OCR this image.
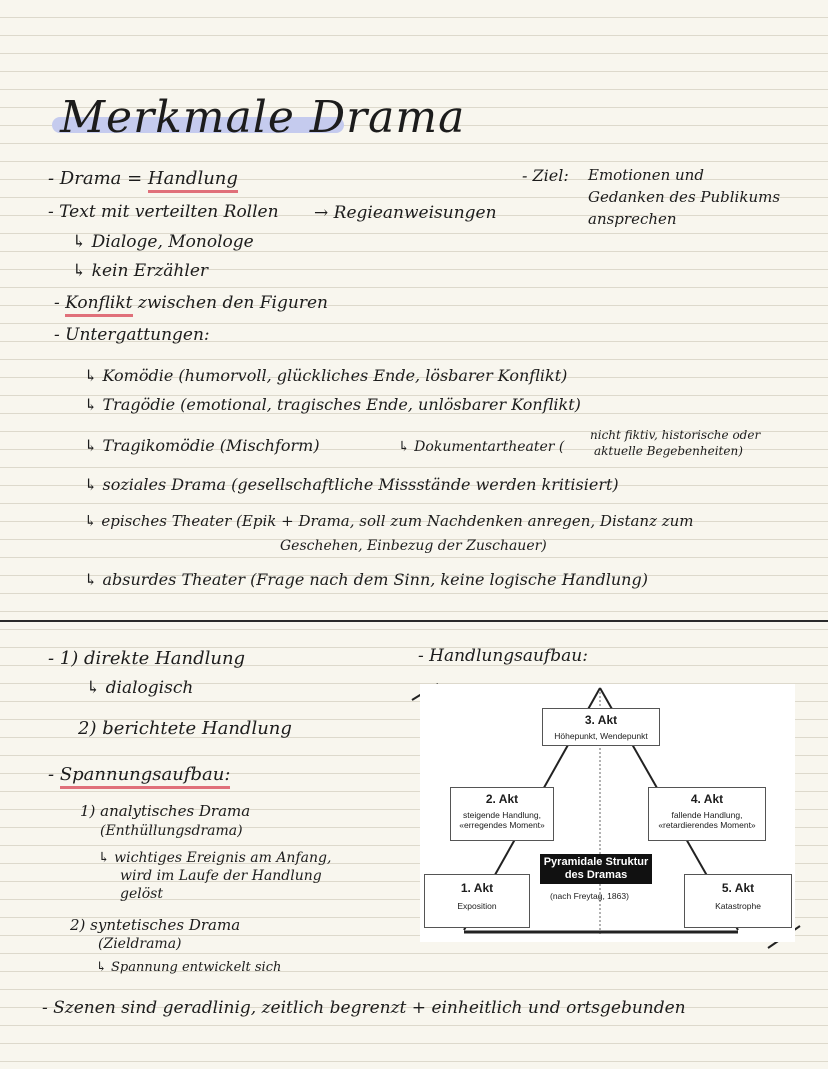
Merkmale Drama
- Drama = Handlung	- Ziel: Emotionen und
Gedanken des Publikums
ansprechen
- Text mit verteilten Rollen → Regieanweisungen
↳ Dialoge, Monologe
↳ kein Erzähler
- Konflikt zwischen den Figuren
- Untergattungen:
↳ Komödie (humorvoll, glückliches Ende, lösbarer Konflikt)
↳ Tragödie (emotional, tragisches Ende, unlösbarer Konflikt)
↳ Tragikomödie (Mischform)	↳ Dokumentartheater (
nicht fiktiv, historische oder
aktuelle Begebenheiten)
↳ soziales Drama (gesellschaftliche Missstände werden kritisiert)
↳ episches Theater (Epik + Drama, soll zum Nachdenken anregen, Distanz zum
Geschehen, Einbezug der Zuschauer)
↳ absurdes Theater (Frage nach dem Sinn, keine logische Handlung)
- 1) direkte Handlung
↳ dialogisch
2) berichtete Handlung
- Spannungsaufbau:
1) analytisches Drama
(Enthüllungsdrama)
↳ wichtiges Ereignis am Anfang,
wird im Laufe der Handlung
gelöst
2) syntetisches Drama
(Zieldrama)
↳ Spannung entwickelt sich
- Handlungsaufbau:
3. Akt
Höhepunkt, Wendepunkt
2. Akt
steigende Handlung,
«erregendes Moment»
4. Akt
fallende Handlung,
«retardierendes Moment»
Pyramidale Struktur
des Dramas
(nach Freytag, 1863)
1. Akt
Exposition
5. Akt
Katastrophe
- Szenen sind geradlinig, zeitlich begrenzt + einheitlich und ortsgebunden
